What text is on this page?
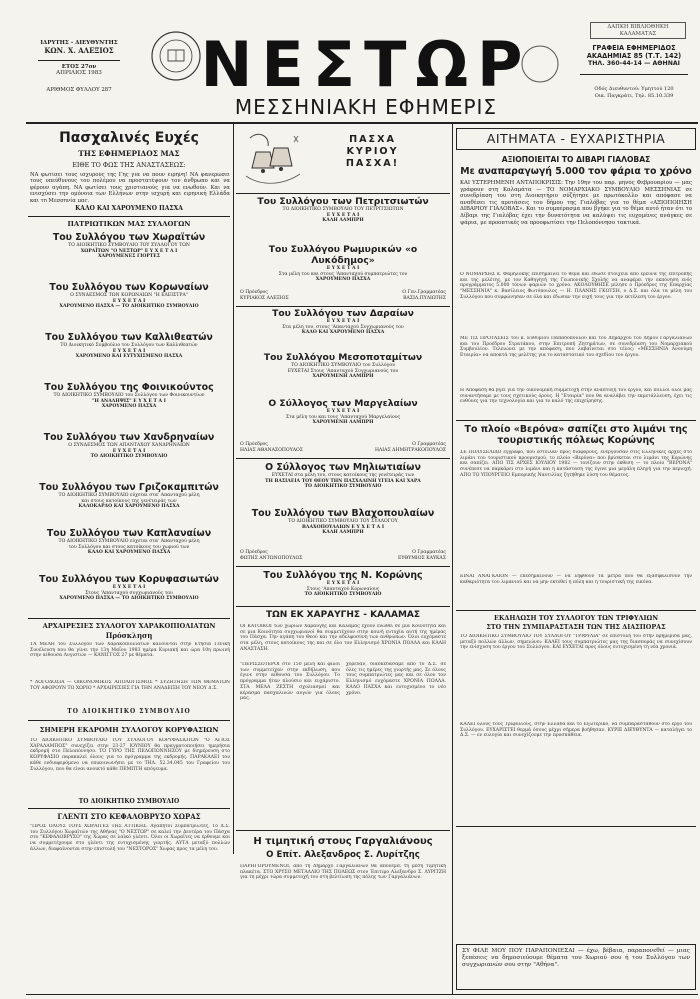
ΙΔΡΥΤΗΣ - ΔΙΕΥΘΥΝΤΗΣ
ΚΩΝ. Χ. ΑΛΕΞΙΟΣ
ΕΤΟΣ 27ον
ΑΠΡΙΛΙΟΣ 1983
ΑΡΙΘΜΟΣ ΦΥΛΛΟΥ 287 ΝΕΣΤΩΡ
ΜΕΣΣΗΝΙΑΚΗ ΕΦΗΜΕΡΙΣ
ΔΑΠΚΗ ΒΙΒΛΙΟΘΗΚΗ ΚΑΛΑΜΑΤΑΣ
ΓΡΑΦΕΙΑ ΕΦΗΜΕΡΙΔΟΣ
ΑΚΑΔΗΜΙΑΣ 85 (Τ.Τ. 142)
ΤΗΛ. 360-44-14 — ΑΘΗΝΑΙ
Οδός Διευθυντού: Υμηττού 120
Οικ. Παγκράτι, Τηλ. 85.10.339
Πασχαλινές Ευχές
ΤΗΣ ΕΦΗΜΕΡΙΔΟΣ ΜΑΣ
ΕΙΘΕ ΤΟ ΦΩΣ ΤΗΣ ΑΝΑΣΤΑΣΕΩΣ:
ΝΑ φωτίσει τους ισχυρούς της Γης για να πουν ειρήνη! ΝΑ φανερώσει τους υπεύθυνους του πολέμου να προστατέψουν τον άνθρωπο και να φέρουν αγάπη. ΝΑ φωτίσει τους χριστιανούς για να ενωθούν. Και να ενισχύσει την ομόνοια των Ελλήνων στην ισχυρή και ειρηνική Ελλάδα και τη Μεσσηνία μας.
ΚΑΛΟ ΚΑΙ ΧΑΡΟΥΜΕΝΟ ΠΑΣΧΑ
ΠΑΤΡΙΩΤΙΚΩΝ ΜΑΣ ΣΥΛΛΟΓΩΝ
Του Συλλόγου των Χωραϊτών
ΤΟ ΔΙΟΙΚΗΤΙΚΟ ΣΥΜΒΟΥΛΙΟ ΤΟΥ ΣΥΛΛΟΓΟΥ ΤΩΝ
ΧΩΡΑΪΤΩΝ "Ο ΝΕΣΤΩΡ" Ε Υ Χ Ε Τ Α Ι
ΧΑΡΟΥΜΕΝΕΣ ΓΙΟΡΤΕΣ
Του Συλλόγου των Κορωναίων
Ο ΣΥΝΔΕΣΜΟΣ ΤΩΝ ΚΟΡΩΝΑΙΩΝ "Η ΕΛΕΙΣΤΡΑ"
Ε Υ Χ Ε Τ Α Ι
ΧΑΡΟΥΜΕΝΟ ΠΑΣΧΑ — ΤΟ ΔΙΟΙΚΗΤΙΚΟ ΣΥΜΒΟΥΛΙΟ
Του Συλλόγου των Καλλιθεατών
ΤΟ Διοικητικό Συμβούλιο του Συλλόγου των Καλλιθεατών
Ε Υ Χ Ε Τ Α Ι
ΧΑΡΟΥΜΕΝΟ ΚΑΙ ΕΥΤΥΧΙΣΜΕΝΟ ΠΑΣΧΑ
Του Συλλόγου της Φοινικούντος
ΤΟ ΔΙΟΙΚΗΤΙΚΟ ΣΥΜΒΟΥΛΙΟ του Συλλόγου των Φοινικουντίων
"Η ΑΝΑΛΗΨΙΣ" Ε Υ Χ Ε Τ Α Ι
ΧΑΡΟΥΜΕΝΟ ΠΑΣΧΑ
Του Συλλόγου των Χανδρηναίων
Ο ΣΥΝΔΕΣΜΟΣ ΤΩΝ ΑΠΑΝΤΑΧΟΥ ΧΑΝΔΡΗΝΑΙΩΝ
Ε Υ Χ Ε Τ Α Ι
ΤΟ ΔΙΟΙΚΗΤΙΚΟ ΣΥΜΒΟΥΛΙΟ
Του Συλλόγου των Γριζοκαμπιτών
ΤΟ ΔΙΟΙΚΗΤΙΚΟ ΣΥΜΒΟΥΛΙΟ εύχεται στα' Απανταχού μέλη
και στους κατοίκους της γενέτειράς των
ΚΑΛΟΚΑΡΔΟ ΚΑΙ ΧΑΡΟΥΜΕΝΟ ΠΑΣΧΑ
Του Συλλόγου των Καπλαναίων
ΤΟ ΔΙΟΙΚΗΤΙΚΟ ΣΥΜΒΟΥΛΙΟ εύχεται στα' Απανταχού μέλη
του Συλλόγου και στους κατοίκους του χωριού των
ΚΑΛΟ ΚΑΙ ΧΑΡΟΥΜΕΝΟ ΠΑΣΧΑ
Του Συλλόγου των Κορυφασιωτών
Ε Υ Χ Ε Τ Α Ι
Στους 'Απανταχού συγχωριανούς του
ΧΑΡΟΥΜΕΝΟ ΠΑΣΧΑ — ΤΟ ΔΙΟΙΚΗΤΙΚΟ ΣΥΜΒΟΥΛΙΟ
ΑΡΧΑΙΡΕΣΙΕΣ ΣΥΛΛΟΓΟΥ ΧΑΡΑΚΟΠΙΟΛΙΑΤΩΝ
Πρόσκληση
ΤΑ ΜΕΛΗ του Συλλόγου των Χαρακοπιολιατών καλούνται στην Ετήσια Γενική Συνέλευση που θα γίνει την 13η Μαΐου 1983 ημέρα Κυριακή και ώρα 10η πρωινή στην αίθουσα Λυγιστών — ΚΑΝΙΓΓΟΣ 27 με θέματα.
* ΛΟΓΟΔΟΣΙΑ — ΟΙΚΟΝΟΜΙΚΟΣ ΑΠΟΛΟΓΙΣΜΟΣ * ΣΥΖΗΤΗΣΗ ΤΩΝ ΘΕΜΑΤΩΝ ΤΟΥ ΑΦΟΡΟΥΝ ΤΟ ΧΩΡΙΟ * ΑΡΧΑΙΡΕΣΙΕΣ ΓΙΑ ΤΗΝ ΑΝΑΔΕΙΞΗ ΤΟΥ ΝΕΟΥ Δ.Σ.
ΤΟ ΔΙΟΙΚΗΤΙΚΟ ΣΥΜΒΟΥΛΙΟ
ΣΗΜΕΡΗ ΕΚΔΡΟΜΗ ΣΥΛΛΟΓΟΥ ΚΟΡΥΦΑΣΙΩΝ
ΤΟ ΔΙΟΙΚΗΤΙΚΟ ΣΥΜΒΟΥΛΙΟ ΤΟΥ ΣΥΛΛΟΓΟΥ ΚΟΡΥΦΑΣΙΩΤΩΝ "Ο ΑΓΙΟΣ ΧΑΡΑΛΑΜΠΟΣ" συνεχίζει στην 23-27 ΙΟΥΝΙΟΥ θα πραγματοποιήσει ημερήσια εκδρομή στο Πελοπόννησο. ΤΟ ΓΥΡΟ ΤΗΣ ΠΕΛΟΠΟΝΝΗΣΟΥ με διημέρευση στο ΚΟΡΥΦΑΣΙΟ παρακαλεί όλους για το πρόγραμμα της εκδρομής. ΠΑΡΑΚΑΛΕΙ τον κάθε ενδιαφερόμενο να επικοινωνήσει με το ΤΗΛ. 52.34.045 του Γραφείου του Συλλόγου, που θα είναι ανοικτό κάθε ΠΕΜΠΤΗ απόγευμα.
ΤΟ ΔΙΟΙΚΗΤΙΚΟ ΣΥΜΒΟΥΛΙΟ
ΓΛΕΝΤΙ ΣΤΟ ΚΕΦΑΛΟΒΡΥΣΟ ΧΩΡΑΣ
"ΠΡΟΣ ΟΛΟΥΣ ΤΟΥΣ ΧΩΡΑΪΤΕΣ ΤΗΣ ΑΤΤΙΚΗΣ. Αγαπητοί Συμπατριώτες, Το Δ.Σ. του Συλλόγου Χωραϊτών της Αθήνας "Ο ΝΕΣΤΩΡ" σε καλεί την Δευτέρα του Πάσχα στο "ΚΕΦΑΛΟΒΡΥΣΟ" της Χώρας σε λαϊκό γλέντι. Όλοι οι Χωραΐτες να έρθουμε και να συμμετέχουμε στο γλέντι της ευτυχισμένης γιορτής. ΑΥΤΑ μεταξύ πολλών άλλων, διαφαίνονται στην επιστολή του "ΝΕΣΤΟΡΟΣ" Χωρας προς τα μέλη του.
ΠΑΣΧΑ
ΚΥΡΙΟΥ
ΠΑΣΧΑ!
Του Συλλόγου των Πετριτσιωτών
ΤΟ ΔΙΟΙΚΗΤΙΚΟ ΣΥΜΒΟΥΛΙΟ ΤΟΥ ΠΕΤΡΙΤΣΙΩΤΩΝ
Ε Υ Χ Ε Τ Α Ι
ΚΑΛΗ ΛΑΜΠΡΗ
Του Συλλόγου Ρωμυρικών «ο Λυκόδημος»
Ε Υ Χ Ε Τ Α Ι
Στα μέλη του και στους 'Απανταχού συμπατριώτες του
ΧΑΡΟΥΜΕΝΟ ΠΑΣΧΑ
Ο Πρόεδρος
ΚΥΡΙΑΚΟΣ ΑΛΕΞΙΟΣ
Ο Γεν.Γραμματέας
ΒΑΣΙΛ.ΠΥΛΙΩΤΗΣ
Του Συλλόγου των Δαραίων
Ε Υ Χ Ε Τ Α Ι
Στα μέλη του, στους 'Απανταχού Συγχωριανούς του
ΚΑΛΟ ΚΑΙ ΧΑΡΟΥΜΕΝΟ ΠΑΣΧΑ
Του Συλλόγου Μεσοποταμίτων
ΤΟ ΔΙΟΙΚΗΤΙΚΟ ΣΥΜΒΟΥΛΙΟ του Συλλόγου
ΕΥΧΕΤΑΙ Στους 'Απανταχού Συγχωριανούς του
ΧΑΡΟΥΜΕΝΗ ΛΑΜΠΡΗ
Ο Σύλλογος των Μαργελαίων
Ε Υ Χ Ε Τ Α Ι
Στα μέλη του και τους 'Απανταχού Μαργελαίους
ΧΑΡΟΥΜΕΝΗ ΛΑΜΠΡΗ
Ο Πρόεδρος
ΗΛΙΑΣ ΑΘΑΝΑΣΟΠΟΥΛΟΣ
Ο Γραμματέας
ΗΛΙΑΣ ΔΗΜΗΤΡΑΚΟΠΟΥΛΟΣ
Ο Σύλλογος των Μηλιωτιαίων
ΕΥΧΕΤΑΙ στα μέλη του, στους κατοίκους της γενέτειράς των
ΤΗ ΒΑΣΙΛΕΙΑ ΤΟΥ ΘΕΟΥ ΤΗΝ ΠΑΣΧΑΛΙΝΗ ΥΓΕΙΑ ΚΑΙ ΧΑΡΑ
ΤΟ ΔΙΟΙΚΗΤΙΚΟ ΣΥΜΒΟΥΛΙΟ
Του Συλλόγου των Βλαχοπουλαίων
ΤΟ ΔΙΟΙΚΗΤΙΚΟ ΣΥΜΒΟΥΛΙΟ ΤΟΥ ΣΥΛΛΟΓΟΥ
ΒΛΑΧΟΠΟΥΛΑΙΩΝ Ε Υ Χ Ε Τ Α Ι
ΚΑΛΗ ΛΑΜΠΡΗ
Ο Πρόεδρος
ΦΩΤΗΣ ΑΝΤΩΝΟΠΟΥΛΟΣ
Ο Γραμματέας
ΕΥΘΥΜΙΟΣ ΚΑΥΚΑΣ
Του Συλλόγου της Ν. Κορώνης
Ε Υ Χ Ε Τ Α Ι
Στους 'Απανταχού Κορωναίους
ΤΟ ΔΙΟΙΚΗΤΙΚΟ ΣΥΜΒΟΥΛΙΟ
ΤΩΝ ΕΚ ΧΑΡΑΥΓΗΣ - ΚΑΛΑΜΑΣ
ΟΙ ΚΑΤΟΙΚΟΙ των χωριών Χαράυγης και Καλάμας έχουν ενωθεί σε μια Κοινότητα και σε μια Κοινότητα συγχωριανοί θα συμμετέχουν στην κοινή ευτυχία αυτή της ημέρας του Πάσχα. Την αγάπη του Θεού και την αδελφοσύνη των ανθρώπων. Όλοι ευχόμαστε στα μέλη, στους κατοίκους της και σε όλο τον Ελληνισμό ΧΡΟΝΙΑ ΠΟΛΛΑ και ΚΑΛΗ ΑΝΑΣΤΑΣΗ.
"ΠΕΡΙΣΣΟΤΕΡΟΙ στο 150 μέλη και φίλοι των συμμετείχαν στην εκδήλωση, που έγινε στην αίθουσα του Συλλόγου. Το πρόγραμμα ήταν πλούσιο και ευχάριστο. ΣΤΑ ΜΕΛΑ ΖΕΣΤΗ σχολιασμοί και κέρασμα πασχαλινών αυγών για όλους μας.
χόρευαν, διασκεδάσαμε από το Δ.Σ. σε όλες τις ημέρες της γιορτής μας. Σε όλους τους συμπατριώτες μας και σε όλον τον Ελληνισμό ευχόμαστε ΧΡΟΝΙΑ ΠΟΛΛΑ. ΚΑΛΟ ΠΑΣΧΑ και ευτυχισμένο το νέο χρόνο.
Η τιμητική στους Γαργαλιάνους
Ο Επίτ. Αλεξανδρος Σ. Λυρίτζης
ΠΑΡΗΓΟΡΟΥΜΕΝΟΙ, από τη Δήμαρχο Γαργαλιάνων θα απονέμει τη μέση τιμητική πλακέτα. ΣΤΟ ΧΡΥΣΟ ΜΕΤΑΛΛΙΟ ΤΗΣ ΠΟΛΕΩΣ στον Έπιτιμο Αλεξανδρο Σ. ΛΥΡΙΤΖΗ για τη μέχρι τώρα συμμετοχή του στη βελτίωση της πόλης των Γαργαλιάνων.
ΑΙΤΗΜΑΤΑ - ΕΥΧΑΡΙΣΤΗΡΙΑ
ΑΞΙΟΠΟΙΕΙΤΑΙ ΤΟ ΔΙΒΑΡΙ ΓΙΑΛΟΒΑΣ
Με αναπαραγωγή 5.000 τον φάρια το χρόνο
ΚΑΙ ΥΣΤΕΡΗΜΕΝΗ ΑΝΤΑΠΟΚΡΙΣΙΣ: Την 19ην του παρ. μηνός Φεβρουαρίου — μας γράφουν στη Καλαμάτα — ΤΟ ΝΟΜΑΡΧΙΑΚΟ ΣΥΜΒΟΥΛΙΟ ΜΕΣΣΗΝΙΑΣ σε συνεδρίαση του στη Διοικητήριο σύζήτησε με πρωτόκολλο και απόφασε να αναθέσει τις προτάσεις του δήμου της Γιαλόβας για το θέμα «ΑΞΙΟΠΟΙΗΣΗ ΔΙΒΑΡΙΟΥ ΓΙΑΛΟΒΑΣ». Και το συμπέρασμα που βγήκε για το θέμα αυτό ήταν ότι το Δίβαρι της Γιαλόβας έχει την δυνατότητα να καλύψει τις ευχομένες ανάγκες σε ψάρια, με προοπτικές να προοφωτίσει την Πελοπόννησο τακτικά.
Ο ΝΟΜΑΡΧΗΣ κ. Φαμηλόκης επισημαίνει το θέμα και έδωσε στοιχεία από έρευνα της επιτροπής και της μελέτης, με τον Καθηγητή της Γεωπονικής Σχολής να αναφέρει την εκπόνηση ενός προγράμματος 5.000 τόνων ψαριών το χρόνο. ΑΚΟΛΟΥΘΗΣΕ μίλησε ο Πρόεδρος της Επαρχίας "ΜΕΣΣΗΝΙΑ" κ. Βασίλειος Φωτόπουλος — Η. ΠΛΑΝΗΣ ΓΚΟΤΣΗ, ο Δ.Σ. και όλα τα μέλη του Συλλόγου που συμφώνησαν σε όλα και έδωσαν την ευχή τους για την εκτέλεση του έργου.
ΜΕ ΤΙΣ ΠΡΟΤΑΣΕΙΣ του κ. Ευθυμίου Παπαδοπούλου και του Δημάρχου του Δήμου Γαργαλιάνων και του Προέδρου Στρατάκου, στην Επιτροπή Ζητημάτων, σε συνεδρίαση του Νομαρχιακού Συμβουλίου. Τελειώνει με την απόφαση, που λαβαίνεται στο τέλος: «ΜΕΣΣΗΝΙΑ Ανονύμη Εταιρία» να αποκτά της μελέτης για το καταστατικό του σχεδίου του έργου.
Η Απόφαση θα βγει για την οικονομική συμμετοχή στην ανάπτυξη του έργου, και πολλοί όλοι μας συναντήσαμε με τους σχετικούς όρους. Η "Εταιρία" που θα αναλάβει την εκμετάλλευση, έχει τις ευθύνες για την τεχνολογία και για το καλό της επιχείρησης.
Το πλοίο «Βερόνα» σαπίζει στο λιμάνι της τουριστικής πόλεως Κορώνης
ΣΕ ΠΟΛΥΣΕΛΙΔΟ έγγραφό, που έστειλαν προς διαφόρους, ενεργούσαν στις Ελληνικές αρχές στο λιμάνι του τουριστικού προορισμού, το πλοίο «Βερόνα» που βρίσκεται στο λιμάνι της Κορώνης και σαπίζει. ΑΠΟ ΤΙΣ ΑΡΧΕΣ ΙΟΥΛΙΟΥ 1982 — τονίζουν στην έκθεση — το πλοίο "ΒΕΡΟΝΑ" συνέπεσε να παρκάρει στο λιμάνι και η κατάσταση της έγινε μια μεγάλη πληγή για την περιοχή. ΑΠΟ ΤΟ ΥΠΟΥΡΓΕΙΟ Εμπορικής Ναυτιλίας ζητήθηκε λύση του θέματος.
ΕΙΝΑΙ ΑΝΑΓΚΑΙΟΝ — επεσημαίνουν — να ληφθούν τα μέτρα που θα εξασφαλίσουν την καθαριότητα του λιμανιού και να μην εκτεθεί η πόλη και η τουριστική της εικόνα.
ΕΚΔΗΛΩΣΗ ΤΟΥ ΣΥΛΛΟΓΟΥ ΤΩΝ ΤΡΙΦΥΛΙΩΝ
ΣΤΟ ΤΗΝ ΣΥΜΠΑΡΑΣΤΑΣΗ ΤΩΝ ΤΗΣ ΔΙΑΣΠΟΡΑΣ
ΤΟ ΔΙΟΙΚΗΤΙΚΟ ΣΥΜΒΟΥΛΙΟ ΤΟΥ ΣΥΛΛΟΓΟΥ "ΤΡΙΦΥΛΙΑ" σε επιστολή του στην εφημερίδα μας, μεταξύ πολλών άλλων, σημειώνει: ΚΑΛΕΙ τους συμπατριώτες μας της διασποράς να συνεχίσουν την ενίσχυση του έργου του Συλλόγου. ΚΑΙ ΕΥΧΕΤΑΙ προς όλους ευτυχισμένη τη νέα χρονιά.
ΚΑΛΕΙ όλους τους Τριφυλίους, στην Ελλάδα και το Εξωτερικό, να συμπαρασταθούν στο έργο του Συλλόγου. ΕΥΧΑΡΙΣΤΕΙ θερμά όσους μέχρι σήμερα βοήθησαν. ΚΥΡΙΕ ΔΙΕΥΘΥΝΤΑ — καταλήγει το Δ.Σ. — εν ευλογία και συνεχίζουμε την προσπάθεια.
ΣΥ ΦΙΛΕ ΜΟΥ ΠΟΥ ΠΑΡΑΠΟΝΙΕΣΑΙ — έχω, βέβαια, παραπονεθεί — μιας ξεπέσεις να δημοσιεύουμε θέματα του Χωριού σου ή του Συλλόγου των συγχωριανών σου στην "Αθήνα".
